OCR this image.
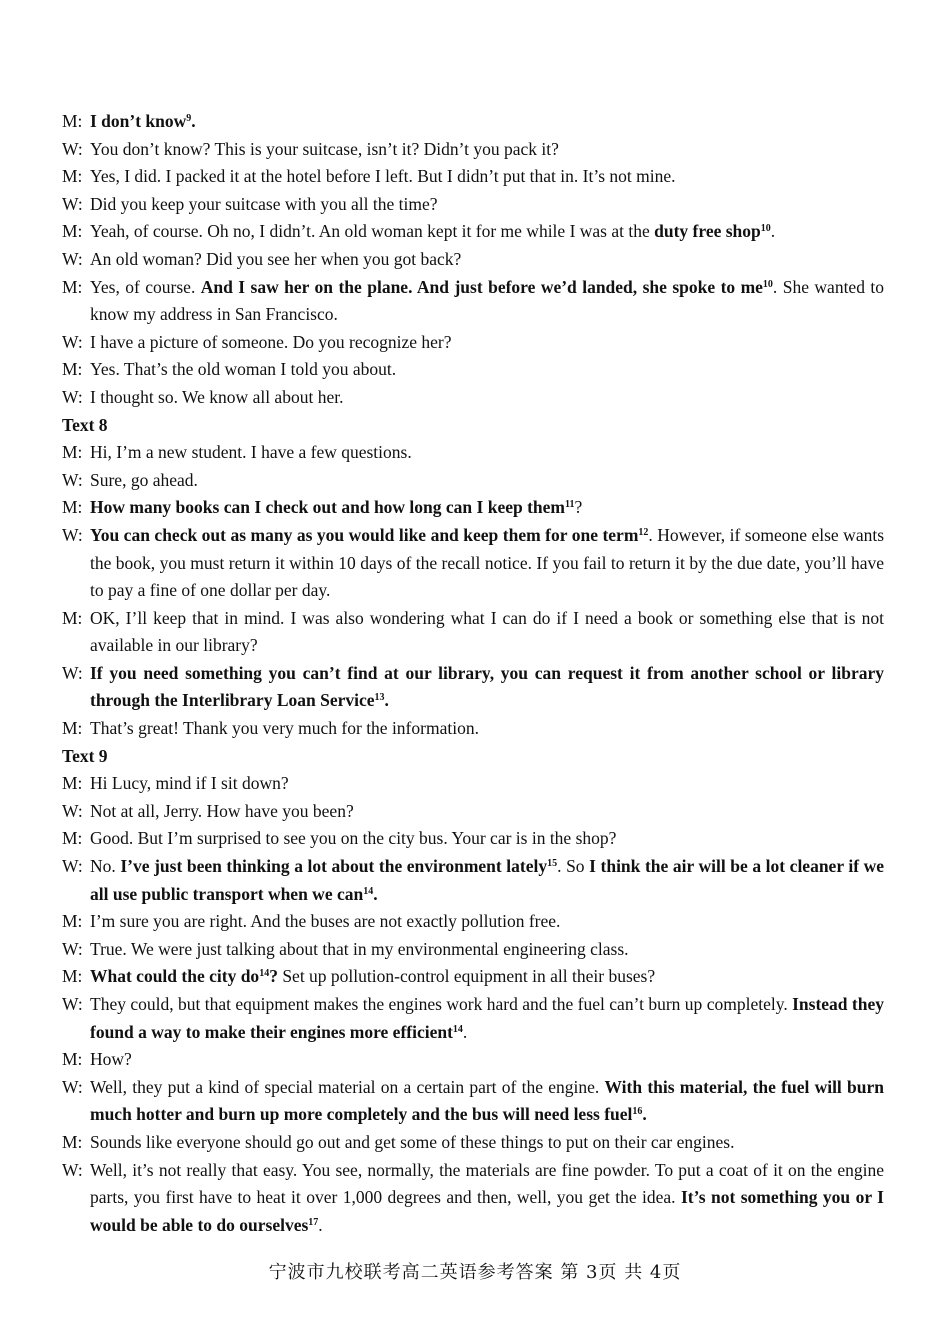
M: I don’t know$^9$.
W: You don’t know? This is your suitcase, isn’t it? Didn’t you pack it?
M: Yes, I did. I packed it at the hotel before I left. But I didn’t put that in. It’s not mine.
W: Did you keep your suitcase with you all the time?
M: Yeah, of course. Oh no, I didn’t. An old woman kept it for me while I was at the duty free shop$^{10}$.
W: An old woman? Did you see her when you got back?
M: Yes, of course. And I saw her on the plane. And just before we’d landed, she spoke to $me^{10}$. She wanted to know my address in San Francisco.
W: I have a picture of someone. Do you recognize her?
M: Yes. That’s the old woman I told you about.
W: I thought so. We know all about her.
Text 8
M: Hi, I’m a new student. I have a few questions.
W: Sure, go ahead.
M: How many books can I check out and how long can I keep them$^{11}$?
W: You can check out as many as you would like and keep them for one term$^{12}$. However, if someone else wants the book, you must return it within 10 days of the recall notice. If you fail to return it by the due date, you’ll have to pay a fine of one dollar per day.
M: OK, I’ll keep that in mind. I was also wondering what I can do if I need a book or something else that is not available in our library?
W: If you need something you can’t find at our library, you can request it from another school or library through the Interlibrary Loan Service$^{13}$.
M: That’s great! Thank you very much for the information.
Text 9
M: Hi Lucy, mind if I sit down?
W: Not at all, Jerry. How have you been?
M: Good. But I’m surprised to see you on the city bus. Your car is in the shop?
W: No. I’ve just been thinking a lot about the environment lately$^{15}$. So I think the air will be a lot cleaner if we all use public transport when we can$^{14}$.
M: I’m sure you are right. And the buses are not exactly pollution free.
W: True. We were just talking about that in my environmental engineering class.
M: What could the city $do^{14}$? Set up pollution-control equipment in all their buses?
W: They could, but that equipment makes the engines work hard and the fuel can’t burn up completely. Instead they found a way to make their engines more efficient$^{14}$.
M: How?
W: Well, they put a kind of special material on a certain part of the engine. With this material, the fuel will burn much hotter and burn up more completely and the bus will need less fuel$^{16}$.
M: Sounds like everyone should go out and get some of these things to put on their car engines.
W: Well, it’s not really that easy. You see, normally, the materials are fine powder. To put a coat of it on the engine parts, you first have to heat it over 1,000 degrees and then, well, you get the idea. It’s not something you or I would be able to do ourselves$^{17}$.
宁波市九校联考高二英语参考答案 第 3页 共 4页
